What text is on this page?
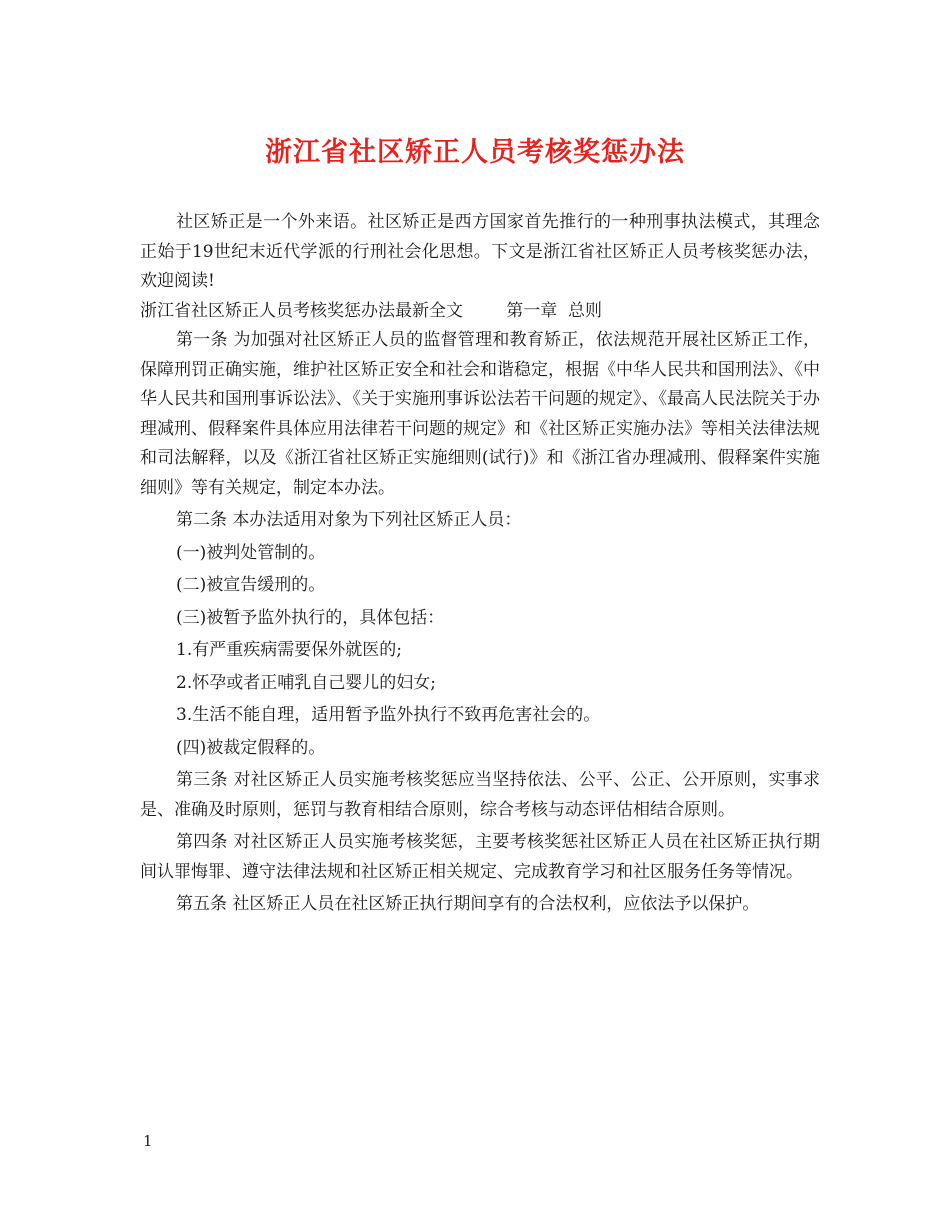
浙江省社区矫正人员考核奖惩办法

社区矫正是一个外来语。社区矫正是西方国家首先推行的一种刑事执法模式，其理念正始于19世纪末近代学派的行刑社会化思想。下文是浙江省社区矫正人员考核奖惩办法，欢迎阅读!

浙江省社区矫正人员考核奖惩办法最新全文	第一章  总则

第一条 为加强对社区矫正人员的监督管理和教育矫正，依法规范开展社区矫正工作，保障刑罚正确实施，维护社区矫正安全和社会和谐稳定，根据《中华人民共和国刑法》、《中华人民共和国刑事诉讼法》、《关于实施刑事诉讼法若干问题的规定》、《最高人民法院关于办理减刑、假释案件具体应用法律若干问题的规定》和《社区矫正实施办法》等相关法律法规和司法解释，以及《浙江省社区矫正实施细则(试行)》和《浙江省办理减刑、假释案件实施细则》等有关规定，制定本办法。

第二条 本办法适用对象为下列社区矫正人员：

(一)被判处管制的。

(二)被宣告缓刑的。

(三)被暂予监外执行的，具体包括：

1.有严重疾病需要保外就医的;

2.怀孕或者正哺乳自己婴儿的妇女;

3.生活不能自理，适用暂予监外执行不致再危害社会的。

(四)被裁定假释的。

第三条 对社区矫正人员实施考核奖惩应当坚持依法、公平、公正、公开原则，实事求是、准确及时原则，惩罚与教育相结合原则，综合考核与动态评估相结合原则。

第四条 对社区矫正人员实施考核奖惩，主要考核奖惩社区矫正人员在社区矫正执行期间认罪悔罪、遵守法律法规和社区矫正相关规定、完成教育学习和社区服务任务等情况。

第五条 社区矫正人员在社区矫正执行期间享有的合法权利，应依法予以保护。

1
